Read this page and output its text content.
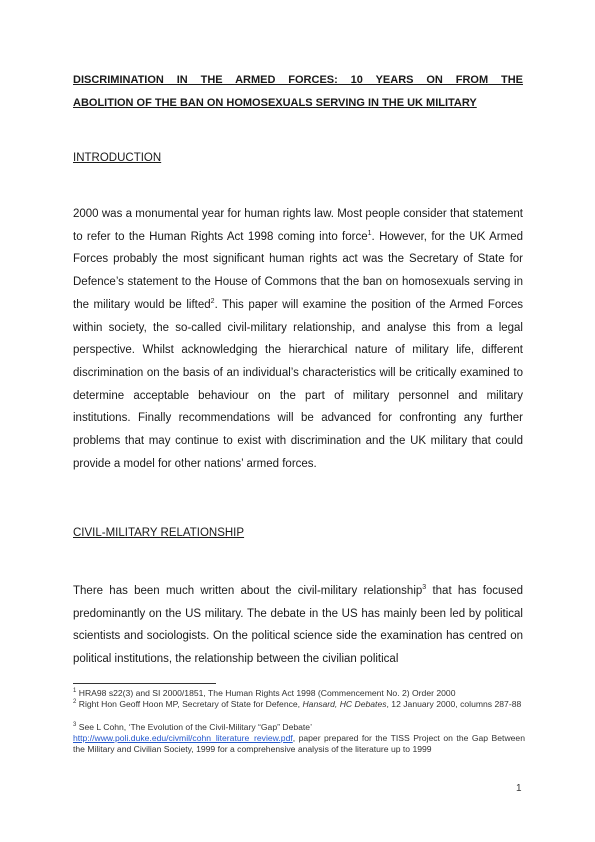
DISCRIMINATION IN THE ARMED FORCES: 10 YEARS ON FROM THE
ABOLITION OF THE BAN ON HOMOSEXUALS SERVING IN THE UK MILITARY
INTRODUCTION

2000 was a monumental year for human rights law. Most people consider that statement to refer to the Human Rights Act 1998 coming into force$^1$. However, for the UK Armed Forces probably the most significant human rights act was the Secretary of State for Defence’s statement to the House of Commons that the ban on homosexuals serving in the military would be lifted$^2$. This paper will examine the position of the Armed Forces within society, the so-called civil-military relationship, and analyse this from a legal perspective. Whilst acknowledging the hierarchical nature of military life, different discrimination on the basis of an individual’s characteristics will be critically examined to determine acceptable behaviour on the part of military personnel and military institutions. Finally recommendations will be advanced for confronting any further problems that may continue to exist with discrimination and the UK military that could provide a model for other nations’ armed forces.

CIVIL-MILITARY RELATIONSHIP

There has been much written about the civil-military relationship$^3$ that has focused predominantly on the US military. The debate in the US has mainly been led by political scientists and sociologists. On the political science side the examination has centred on political institutions, the relationship between the civilian political

$^1$ HRA98 s22(3) and SI 2000/1851, The Human Rights Act 1998 (Commencement No. 2) Order 2000
$^2$ Right Hon Geoff Hoon MP, Secretary of State for Defence, Hansard, HC Debates, 12 January 2000, columns 287-88
$^3$ See L Cohn, ‘The Evolution of the Civil-Military “Gap” Debate’
http://www.poli.duke.edu/civmil/cohn_literature_review.pdf, paper prepared for the TISS Project on the Gap Between the Military and Civilian Society, 1999 for a comprehensive analysis of the literature up to 1999
1
